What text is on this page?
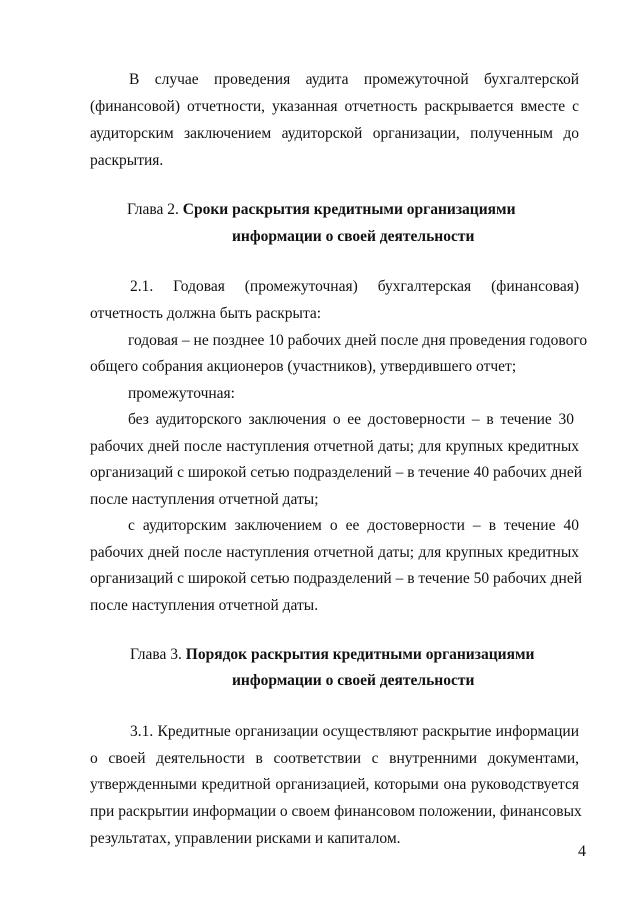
В случае проведения аудита промежуточной бухгалтерской
(финансовой) отчетности, указанная отчетность раскрывается вместе с
аудиторским заключением аудиторской организации, полученным до
раскрытия.
Глава 2. Сроки раскрытия кредитными организациями
информации о своей деятельности
2.1. Годовая (промежуточная) бухгалтерская (финансовая)
отчетность должна быть раскрыта:
годовая – не позднее 10 рабочих дней после дня проведения годового
общего собрания акционеров (участников), утвердившего отчет;
промежуточная:
без аудиторского заключения о ее достоверности – в течение 30
рабочих дней после наступления отчетной даты; для крупных кредитных
организаций с широкой сетью подразделений – в течение 40 рабочих дней
после наступления отчетной даты;
с аудиторским заключением о ее достоверности – в течение 40
рабочих дней после наступления отчетной даты; для крупных кредитных
организаций с широкой сетью подразделений – в течение 50 рабочих дней
после наступления отчетной даты.
Глава 3. Порядок раскрытия кредитными организациями
информации о своей деятельности
3.1. Кредитные организации осуществляют раскрытие информации
о своей деятельности в соответствии с внутренними документами,
утвержденными кредитной организацией, которыми она руководствуется
при раскрытии информации о своем финансовом положении, финансовых
результатах, управлении рисками и капиталом.
4
